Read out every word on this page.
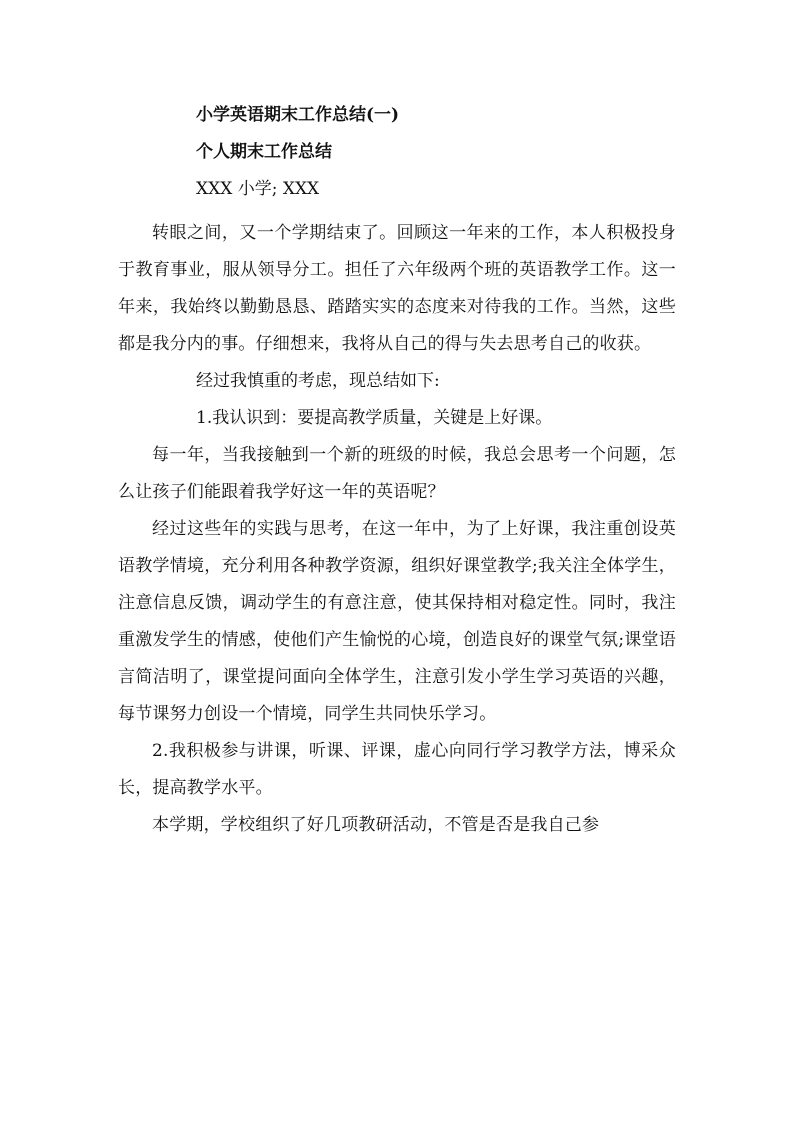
小学英语期末工作总结(一)
个人期末工作总结
XXX 小学; XXX

转眼之间，又一个学期结束了。回顾这一年来的工作，本人积极投身于教育事业，服从领导分工。担任了六年级两个班的英语教学工作。这一年来，我始终以勤勤恳恳、踏踏实实的态度来对待我的工作。当然，这些都是我分内的事。仔细想来，我将从自己的得与失去思考自己的收获。

经过我慎重的考虑，现总结如下:

1.我认识到：要提高教学质量，关键是上好课。

每一年，当我接触到一个新的班级的时候，我总会思考一个问题，怎么让孩子们能跟着我学好这一年的英语呢？

经过这些年的实践与思考，在这一年中，为了上好课，我注重创设英语教学情境，充分利用各种教学资源，组织好课堂教学;我关注全体学生，注意信息反馈，调动学生的有意注意，使其保持相对稳定性。同时，我注重激发学生的情感，使他们产生愉悦的心境，创造良好的课堂气氛;课堂语言简洁明了，课堂提问面向全体学生，注意引发小学生学习英语的兴趣，每节课努力创设一个情境，同学生共同快乐学习。

2.我积极参与讲课，听课、评课，虚心向同行学习教学方法，博采众长，提高教学水平。

本学期，学校组织了好几项教研活动，不管是否是我自己参
